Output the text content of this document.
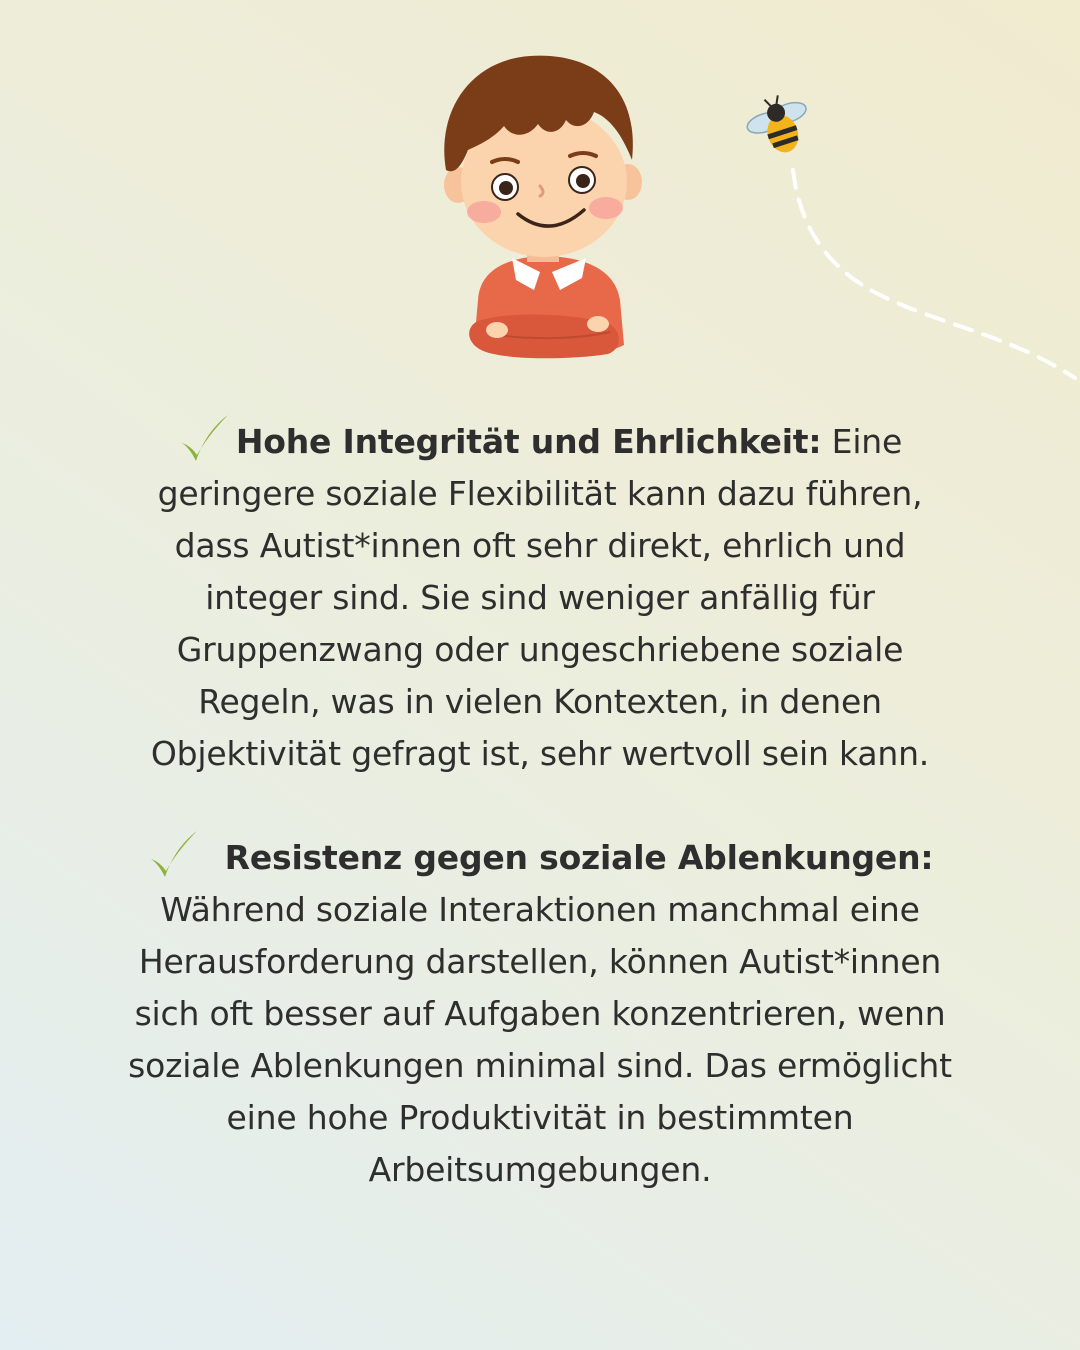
Hohe Integrität und Ehrlichkeit: Eine
geringere soziale Flexibilität kann dazu führen,
dass Autist*innen oft sehr direkt, ehrlich und
integer sind. Sie sind weniger anfällig für
Gruppenzwang oder ungeschriebene soziale
Regeln, was in vielen Kontexten, in denen
Objektivität gefragt ist, sehr wertvoll sein kann.
Resistenz gegen soziale Ablenkungen:
Während soziale Interaktionen manchmal eine
Herausforderung darstellen, können Autist*innen
sich oft besser auf Aufgaben konzentrieren, wenn
soziale Ablenkungen minimal sind. Das ermöglicht
eine hohe Produktivität in bestimmten
Arbeitsumgebungen.
